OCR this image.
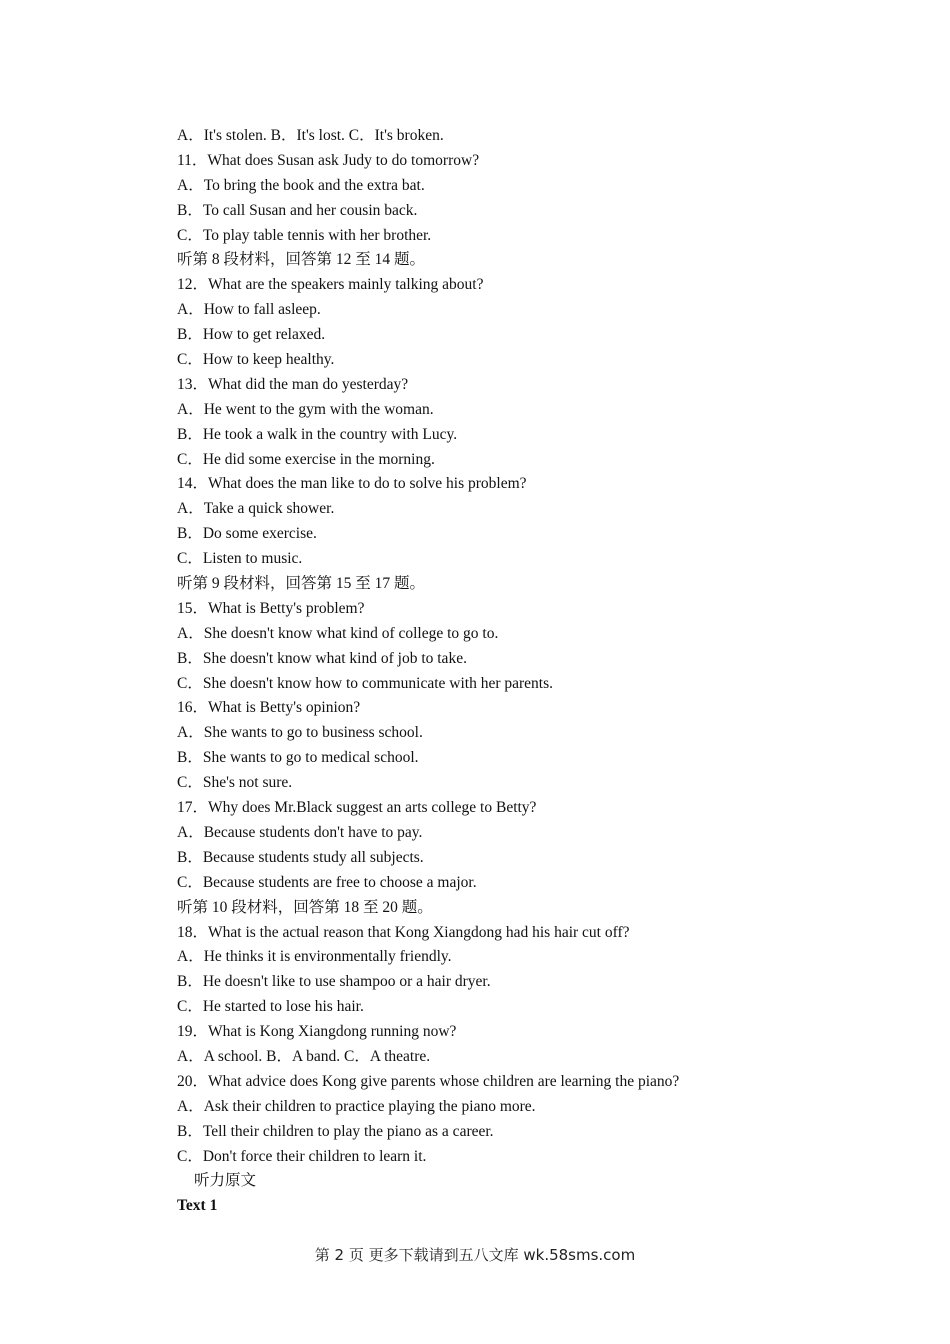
A．It's stolen. B．It's lost. C．It's broken.
11．What does Susan ask Judy to do tomorrow?
A．To bring the book and the extra bat.
B．To call Susan and her cousin back.
C．To play table tennis with her brother.
听第 8 段材料，回答第 12 至 14 题。
12．What are the speakers mainly talking about?
A．How to fall asleep.
B．How to get relaxed.
C．How to keep healthy.
13．What did the man do yesterday?
A．He went to the gym with the woman.
B．He took a walk in the country with Lucy.
C．He did some exercise in the morning.
14．What does the man like to do to solve his problem?
A．Take a quick shower.
B．Do some exercise.
C．Listen to music.
听第 9 段材料，回答第 15 至 17 题。
15．What is Betty's problem?
A．She doesn't know what kind of college to go to.
B．She doesn't know what kind of job to take.
C．She doesn't know how to communicate with her parents.
16．What is Betty's opinion?
A．She wants to go to business school.
B．She wants to go to medical school.
C．She's not sure.
17．Why does Mr.Black suggest an arts college to Betty?
A．Because students don't have to pay.
B．Because students study all subjects.
C．Because students are free to choose a major.
听第 10 段材料，回答第 18 至 20 题。
18．What is the actual reason that Kong Xiangdong had his hair cut off?
A．He thinks it is environmentally friendly.
B．He doesn't like to use shampoo or a hair dryer.
C．He started to lose his hair.
19．What is Kong Xiangdong running now?
A．A school. B．A band. C．A theatre.
20．What advice does Kong give parents whose children are learning the piano?
A．Ask their children to practice playing the piano more.
B．Tell their children to play the piano as a career.
C．Don't force their children to learn it.
听力原文
Text 1
第 2 页 更多下载请到五八文库 wk.58sms.com
